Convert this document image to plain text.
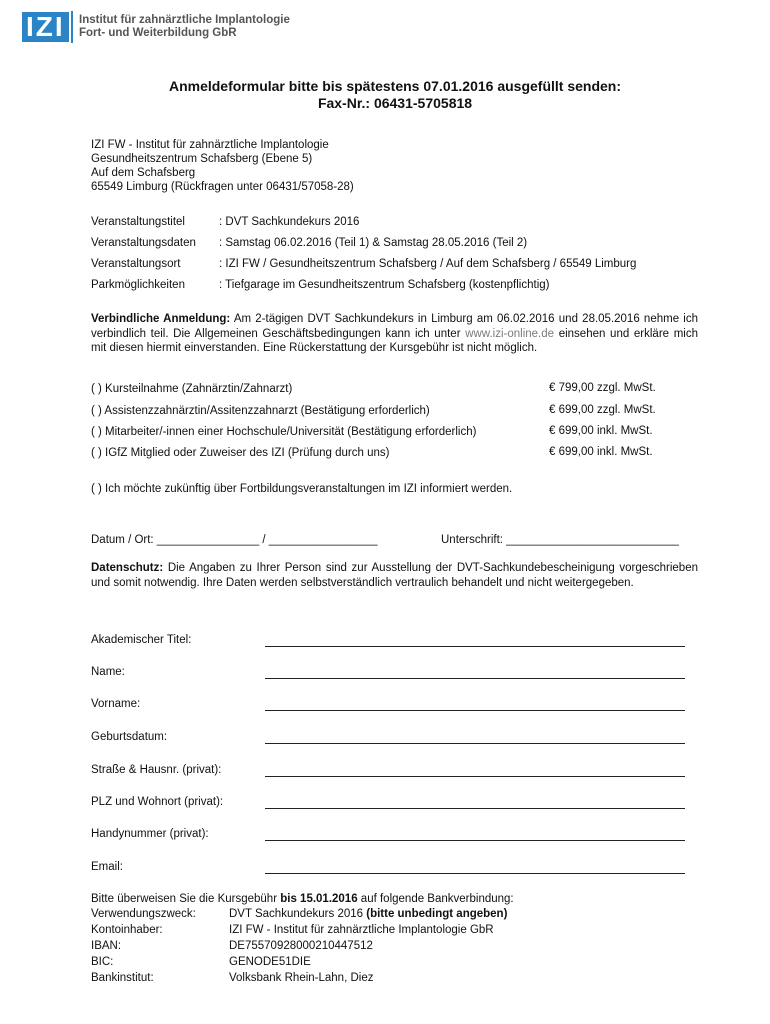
IZI	Institut für zahnärztliche Implantologie
Fort- und Weiterbildung GbR
Anmeldeformular bitte bis spätestens 07.01.2016 ausgefüllt senden:
Fax-Nr.: 06431-5705818
IZI FW - Institut für zahnärztliche Implantologie
Gesundheitszentrum Schafsberg (Ebene 5)
Auf dem Schafsberg
65549 Limburg (Rückfragen unter 06431/57058-28)
Veranstaltungstitel	: DVT Sachkundekurs 2016
Veranstaltungsdaten : Samstag 06.02.2016 (Teil 1) & Samstag 28.05.2016 (Teil 2)
Veranstaltungsort	: IZI FW / Gesundheitszentrum Schafsberg / Auf dem Schafsberg / 65549 Limburg
Parkmöglichkeiten	: Tiefgarage im Gesundheitszentrum Schafsberg (kostenpflichtig)
Verbindliche Anmeldung: Am 2-tägigen DVT Sachkundekurs in Limburg am 06.02.2016 und 28.05.2016 nehme ich verbindlich teil. Die Allgemeinen Geschäftsbedingungen kann ich unter www.izi-online.de einsehen und erkläre mich mit diesen hiermit einverstanden. Eine Rückerstattung der Kursgebühr ist nicht möglich.
( ) Kursteilnahme (Zahnärztin/Zahnarzt)	€ 799,00 zzgl. MwSt.
( ) Assistenzzahnärztin/Assitenzzahnarzt (Bestätigung erforderlich)	€ 699,00 zzgl. MwSt.
( ) Mitarbeiter/-innen einer Hochschule/Universität (Bestätigung erforderlich)	€ 699,00 inkl. MwSt.
( ) IGfZ Mitglied oder Zuweiser des IZI (Prüfung durch uns)	€ 699,00 inkl. MwSt.
( ) Ich möchte zukünftig über Fortbildungsveranstaltungen im IZI informiert werden.
Datum / Ort: ________________ / _________________	Unterschrift: ___________________________
Datenschutz: Die Angaben zu Ihrer Person sind zur Ausstellung der DVT-Sachkundebescheinigung vorgeschrieben und somit notwendig. Ihre Daten werden selbstverständlich vertraulich behandelt und nicht weitergegeben.
Akademischer Titel:
Name:
Vorname:
Geburtsdatum:
Straße & Hausnr. (privat):
PLZ und Wohnort (privat):
Handynummer (privat):
Email:
Bitte überweisen Sie die Kursgebühr bis 15.01.2016 auf folgende Bankverbindung:
Verwendungszweck:	DVT Sachkundekurs 2016 (bitte unbedingt angeben)
Kontoinhaber:	IZI FW - Institut für zahnärztliche Implantologie GbR
IBAN:	DE75570928000210447512
BIC:	GENODE51DIE
Bankinstitut:	Volksbank Rhein-Lahn, Diez
